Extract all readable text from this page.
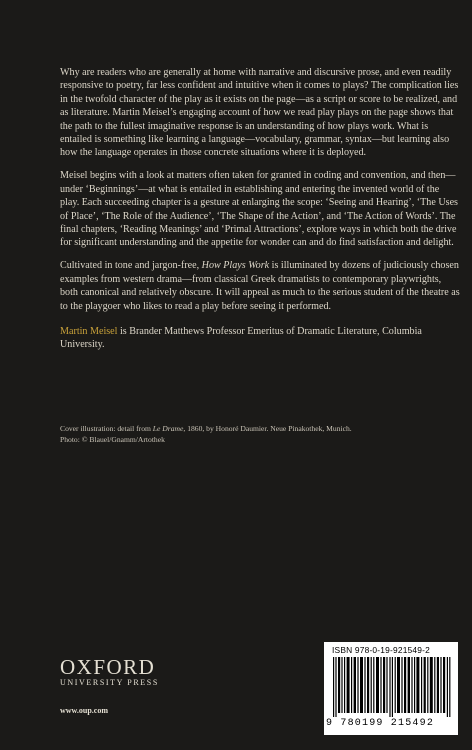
Why are readers who are generally at home with narrative and discursive prose, and even readily responsive to poetry, far less confident and intuitive when it comes to plays? The complication lies in the twofold character of the play as it exists on the page—as a script or score to be realized, and as literature. Martin Meisel’s engaging account of how we read play plays on the page shows that the path to the fullest imaginative response is an understanding of how plays work. What is entailed is something like learning a language—vocabulary, grammar, syntax—but learning also how the language operates in those concrete situations where it is deployed.

Meisel begins with a look at matters often taken for granted in coding and convention, and then—under ‘Beginnings’—at what is entailed in establishing and entering the invented world of the play. Each succeeding chapter is a gesture at enlarging the scope: ‘Seeing and Hearing’, ‘The Uses of Place’, ‘The Role of the Audience’, ‘The Shape of the Action’, and ‘The Action of Words’. The final chapters, ‘Reading Meanings’ and ‘Primal Attractions’, explore ways in which both the drive for significant understanding and the appetite for wonder can and do find satisfaction and delight.

Cultivated in tone and jargon-free, How Plays Work is illuminated by dozens of judiciously chosen examples from western drama—from classical Greek dramatists to contemporary playwrights, both canonical and relatively obscure. It will appeal as much to the serious student of the theatre as to the playgoer who likes to read a play before seeing it performed.

Martin Meisel is Brander Matthews Professor Emeritus of Dramatic Literature, Columbia University.

Cover illustration: detail from Le Drame, 1860, by Honoré Daumier. Neue Pinakothek, Munich.
Photo: © Blauel/Gnamm/Artothek
OXFORD
UNIVERSITY PRESS
www.oup.com
ISBN 978-0-19-921549-2
9 780199 215492
